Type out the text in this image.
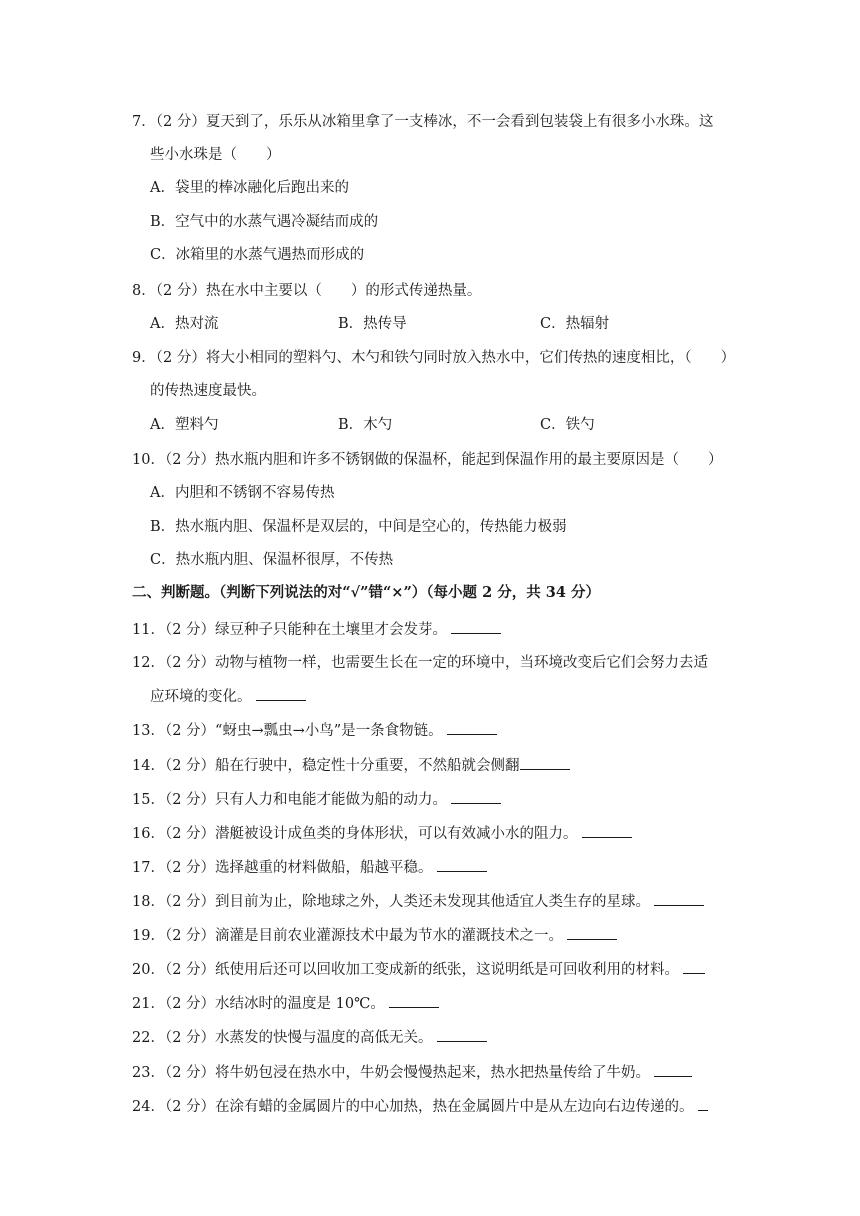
7．（2 分）夏天到了，乐乐从冰箱里拿了一支棒冰，不一会看到包装袋上有很多小水珠。这
些小水珠是（　　）
A．袋里的棒冰融化后跑出来的
B．空气中的水蒸气遇冷凝结而成的
C．冰箱里的水蒸气遇热而形成的
8．（2 分）热在水中主要以（　　）的形式传递热量。
A．热对流	B．热传导	C．热辐射
9．（2 分）将大小相同的塑料勺、木勺和铁勺同时放入热水中，它们传热的速度相比，（　　）
的传热速度最快。
A．塑料勺	B．木勺	C．铁勺
10．（2 分）热水瓶内胆和许多不锈钢做的保温杯，能起到保温作用的最主要原因是（　　）
A．内胆和不锈钢不容易传热
B．热水瓶内胆、保温杯是双层的，中间是空心的，传热能力极弱
C．热水瓶内胆、保温杯很厚，不传热
二、判断题。（判断下列说法的对“√”错“×”）（每小题 2 分，共 34 分）
11．（2 分）绿豆种子只能种在土壤里才会发芽。
12．（2 分）动物与植物一样，也需要生长在一定的环境中，当环境改变后它们会努力去适
应环境的变化。
13．（2 分）“蚜虫→瓢虫→小鸟”是一条食物链。
14．（2 分）船在行驶中，稳定性十分重要，不然船就会侧翻
15．（2 分）只有人力和电能才能做为船的动力。
16．（2 分）潜艇被设计成鱼类的身体形状，可以有效减小水的阻力。
17．（2 分）选择越重的材料做船，船越平稳。
18．（2 分）到目前为止，除地球之外，人类还未发现其他适宜人类生存的星球。
19．（2 分）滴灌是目前农业灌源技术中最为节水的灌溉技术之一。
20．（2 分）纸使用后还可以回收加工变成新的纸张，这说明纸是可回收利用的材料。
21．（2 分）水结冰时的温度是 10℃。
22．（2 分）水蒸发的快慢与温度的高低无关。
23．（2 分）将牛奶包浸在热水中，牛奶会慢慢热起来，热水把热量传给了牛奶。
24．（2 分）在涂有蜡的金属圆片的中心加热，热在金属圆片中是从左边向右边传递的。
